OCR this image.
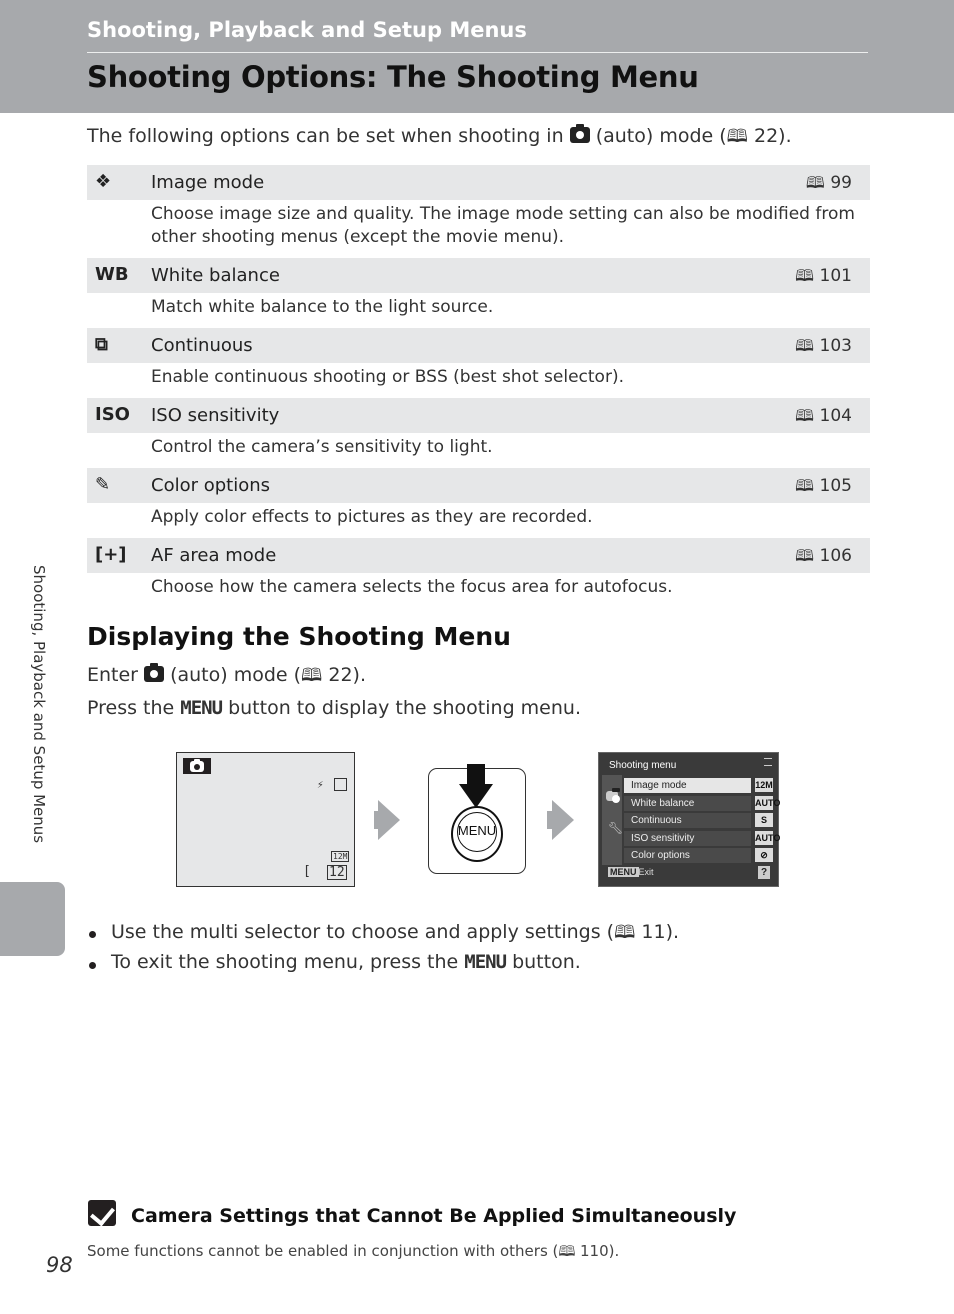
Shooting, Playback and Setup Menus
Shooting Options: The Shooting Menu
The following options can be set when shooting in  (auto) mode (🕮 22).
❖	Image mode	🕮 99
Choose image size and quality. The image mode setting can also be modified from other shooting menus (except the movie menu).
WB White balance	🕮 101
Match white balance to the light source.
⧉	Continuous	🕮 103
Enable continuous shooting or BSS (best shot selector).
ISO ISO sensitivity	🕮 104
Control the camera’s sensitivity to light.
✎	Color options	🕮 105
Apply color effects to pictures as they are recorded.
[+] AF area mode	🕮 106
Choose how the camera selects the focus area for autofocus.
Displaying the Shooting Menu
Enter  (auto) mode (🕮 22).
Press the MENU button to display the shooting menu.
Shooting, Playback and Setup Menus	⚡
12M
[ 12
MENU
Shooting menu
🔧︎
Image mode	12M
White balance	AUTO
Continuous	S
ISO sensitivity	AUTO
Color options	⊘
MENU Exit	?
Use the multi selector to choose and apply settings (🕮 11).
To exit the shooting menu, press the MENU button.
Camera Settings that Cannot Be Applied Simultaneously
Some functions cannot be enabled in conjunction with others (🕮 110).
98
